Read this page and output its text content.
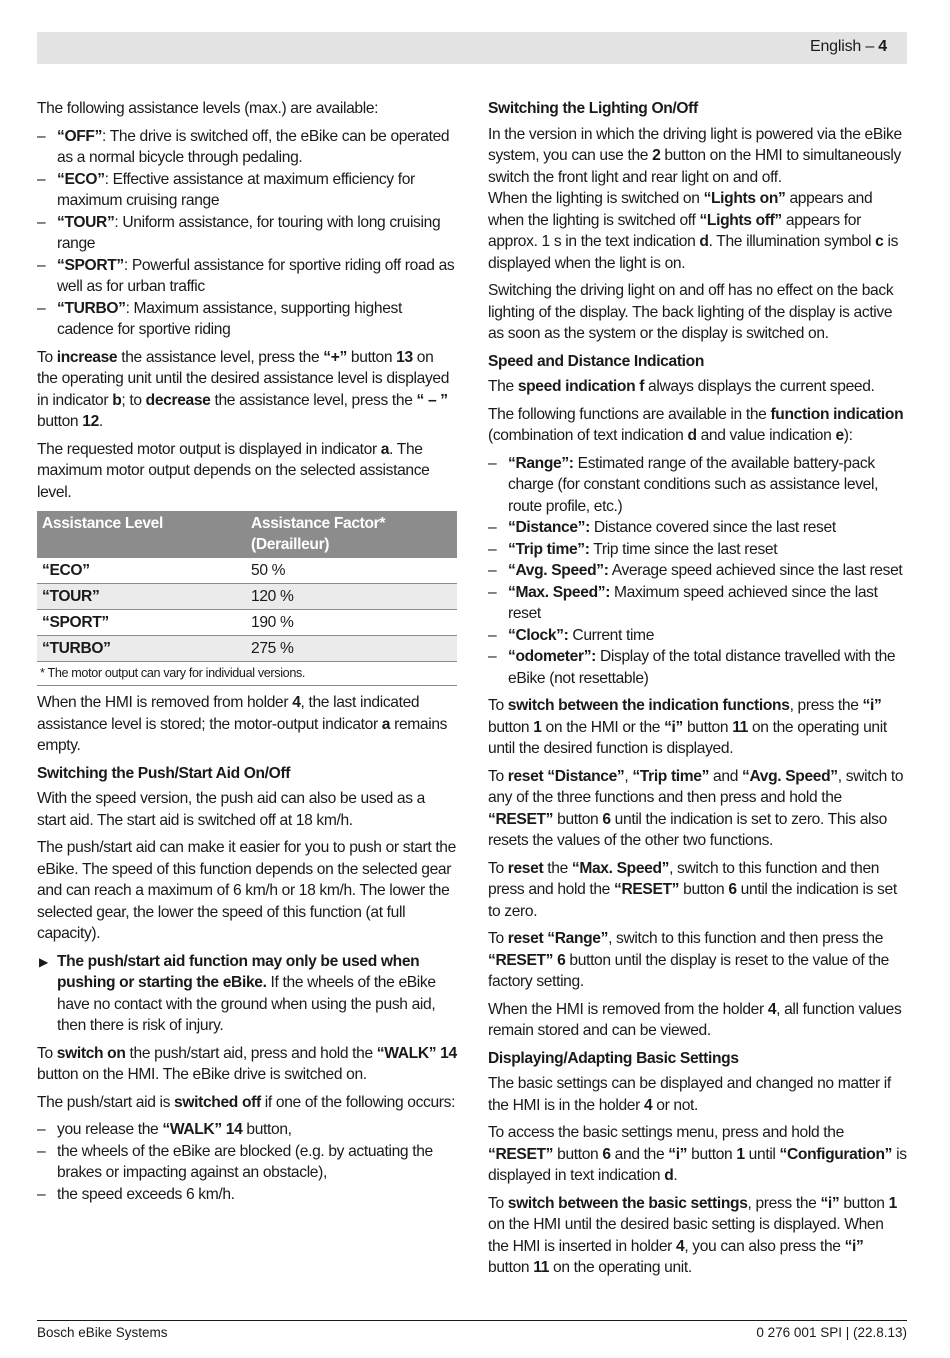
English – 4

The following assistance levels (max.) are available:

– “OFF”: The drive is switched off, the eBike can be operated as a normal bicycle through pedaling.
– “ECO”: Effective assistance at maximum efficiency for maximum cruising range
– “TOUR”: Uniform assistance, for touring with long cruising range
– “SPORT”: Powerful assistance for sportive riding off road as well as for urban traffic
– “TURBO”: Maximum assistance, supporting highest cadence for sportive riding

To increase the assistance level, press the “+” button 13 on the operating unit until the desired assistance level is displayed in indicator b; to decrease the assistance level, press the “ – ” button 12.

The requested motor output is displayed in indicator a. The maximum motor output depends on the selected assistance level.

Assistance Level	Assistance Factor*
(Derailleur)
“ECO”	50 %
“TOUR”	120 %
“SPORT”	190 %
“TURBO”	275 %
* The motor output can vary for individual versions.

When the HMI is removed from holder 4, the last indicated assistance level is stored; the motor-output indicator a remains empty.

Switching the Push/Start Aid On/Off

With the speed version, the push aid can also be used as a start aid. The start aid is switched off at 18 km/h.

The push/start aid can make it easier for you to push or start the eBike. The speed of this function depends on the selected gear and can reach a maximum of 6 km/h or 18 km/h. The lower the selected gear, the lower the speed of this function (at full capacity).

▶ The push/start aid function may only be used when pushing or starting the eBike. If the wheels of the eBike have no contact with the ground when using the push aid, then there is risk of injury.

To switch on the push/start aid, press and hold the “WALK” 14 button on the HMI. The eBike drive is switched on.

The push/start aid is switched off if one of the following occurs:

– you release the “WALK” 14 button,
– the wheels of the eBike are blocked (e.g. by actuating the brakes or impacting against an obstacle),
– the speed exceeds 6 km/h.
Switching the Lighting On/Off

In the version in which the driving light is powered via the eBike system, you can use the 2 button on the HMI to simultaneously switch the front light and rear light on and off.
When the lighting is switched on “Lights on” appears and when the lighting is switched off “Lights off” appears for approx. 1 s in the text indication d. The illumination symbol c is displayed when the light is on.

Switching the driving light on and off has no effect on the back lighting of the display. The back lighting of the display is active as soon as the system or the display is switched on.

Speed and Distance Indication

The speed indication f always displays the current speed.

The following functions are available in the function indication (combination of text indication d and value indication e):

– “Range”: Estimated range of the available battery-pack charge (for constant conditions such as assistance level, route profile, etc.)
– “Distance”: Distance covered since the last reset
– “Trip time”: Trip time since the last reset
– “Avg. Speed”: Average speed achieved since the last reset
– “Max. Speed”: Maximum speed achieved since the last reset
– “Clock”: Current time
– “odometer”: Display of the total distance travelled with the eBike (not resettable)

To switch between the indication functions, press the “i” button 1 on the HMI or the “i” button 11 on the operating unit until the desired function is displayed.

To reset “Distance”, “Trip time” and “Avg. Speed”, switch to any of the three functions and then press and hold the “RESET” button 6 until the indication is set to zero. This also resets the values of the other two functions.

To reset the “Max. Speed”, switch to this function and then press and hold the “RESET” button 6 until the indication is set to zero.

To reset “Range”, switch to this function and then press the “RESET” 6 button until the display is reset to the value of the factory setting.

When the HMI is removed from the holder 4, all function values remain stored and can be viewed.

Displaying/Adapting Basic Settings

The basic settings can be displayed and changed no matter if the HMI is in the holder 4 or not.

To access the basic settings menu, press and hold the “RESET” button 6 and the “i” button 1 until “Configuration” is displayed in text indication d.

To switch between the basic settings, press the “i” button 1 on the HMI until the desired basic setting is displayed. When the HMI is inserted in holder 4, you can also press the “i” button 11 on the operating unit.

Bosch eBike Systems	0 276 001 SPI | (22.8.13)
